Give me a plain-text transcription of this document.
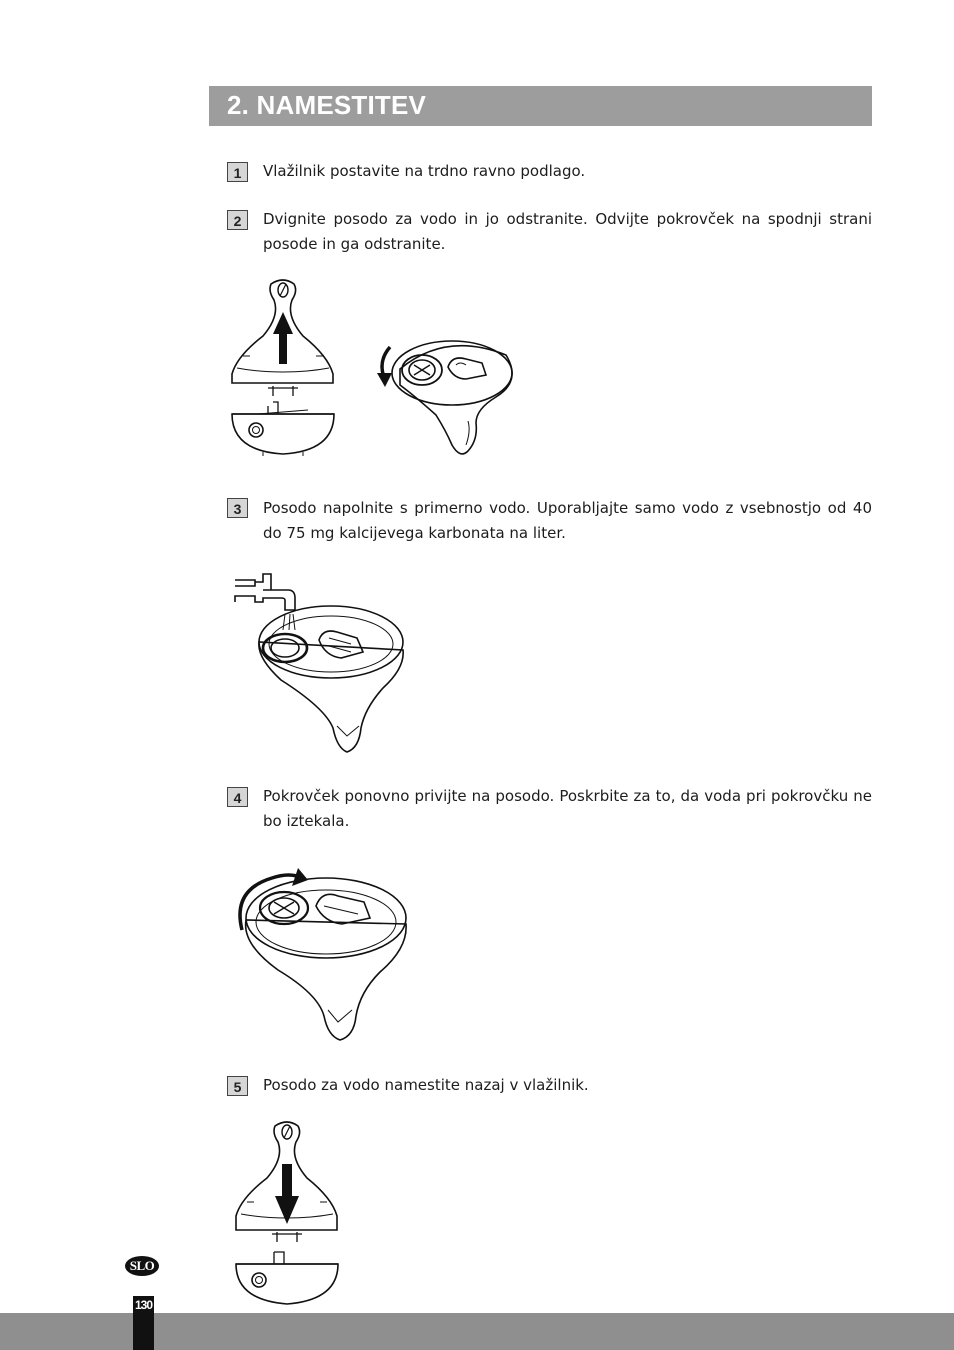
2. NAMESTITEV
1	Vlažilnik postavite na trdno ravno podlago.
2	Dvignite posodo za vodo in jo odstranite. Odvijte pokrovček na spodnji strani posode in ga odstranite.
3	Posodo napolnite s primerno vodo. Uporabljajte samo vodo z vsebnostjo od 40 do 75 mg kalcijevega karbonata na liter.
4	Pokrovček ponovno privijte na posodo. Poskrbite za to, da voda pri pokrovčku ne bo iztekala.
5	Posodo za vodo namestite nazaj v vlažilnik.
SLO
130
